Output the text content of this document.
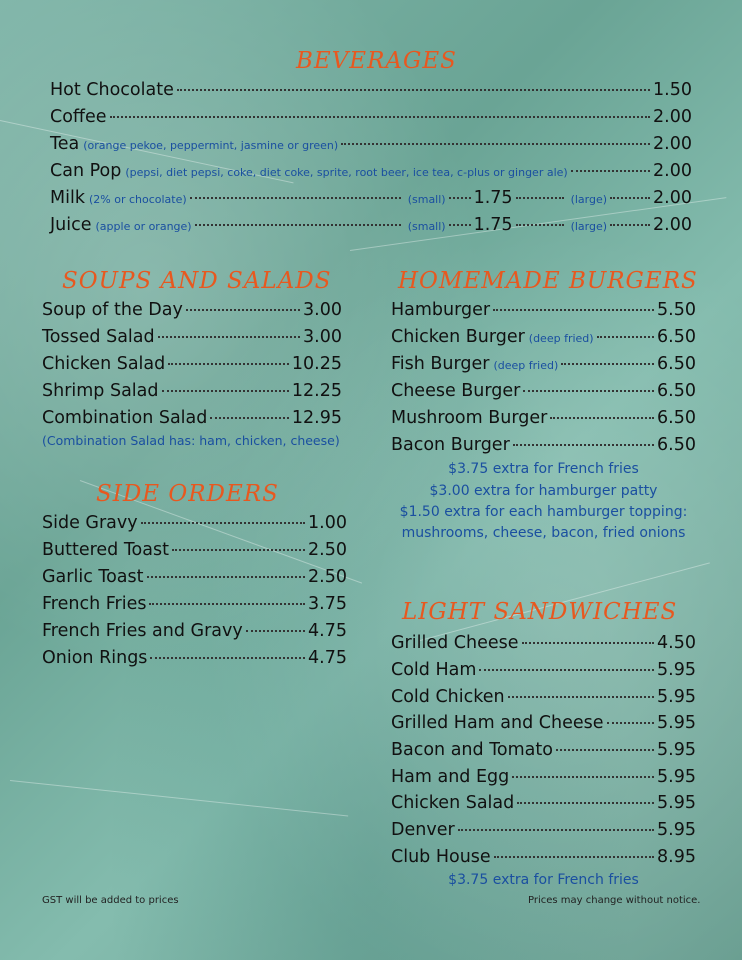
BEVERAGES
Hot Chocolate	1.50
Coffee	2.00
Tea (orange pekoe, peppermint, jasmine or green)	2.00
Can Pop (pepsi, diet pepsi, coke, diet coke, sprite, root beer, ice tea, c-plus or ginger ale)	2.00
Milk (2% or chocolate)	(small) 1.75	(large)	2.00
Juice (apple or orange)	(small) 1.75	(large)	2.00
SOUPS AND SALADS
Soup of the Day	3.00
Tossed Salad	3.00
Chicken Salad	10.25
Shrimp Salad	12.25
Combination Salad	12.95
(Combination Salad has: ham, chicken, cheese)
SIDE ORDERS
Side Gravy	1.00
Buttered Toast	2.50
Garlic Toast	2.50
French Fries	3.75
French Fries and Gravy	4.75
Onion Rings	4.75
HOMEMADE BURGERS
Hamburger	5.50
Chicken Burger (deep fried)	6.50
Fish Burger (deep fried)	6.50
Cheese Burger	6.50
Mushroom Burger	6.50
Bacon Burger	6.50
$3.75 extra for French fries
$3.00 extra for hamburger patty
$1.50 extra for each hamburger topping:
mushrooms, cheese, bacon, fried onions
LIGHT SANDWICHES
Grilled Cheese	4.50
Cold Ham	5.95
Cold Chicken	5.95
Grilled Ham and Cheese	5.95
Bacon and Tomato	5.95
Ham and Egg	5.95
Chicken Salad	5.95
Denver	5.95
Club House	8.95
$3.75 extra for French fries
GST will be added to prices	Prices may change without notice.
